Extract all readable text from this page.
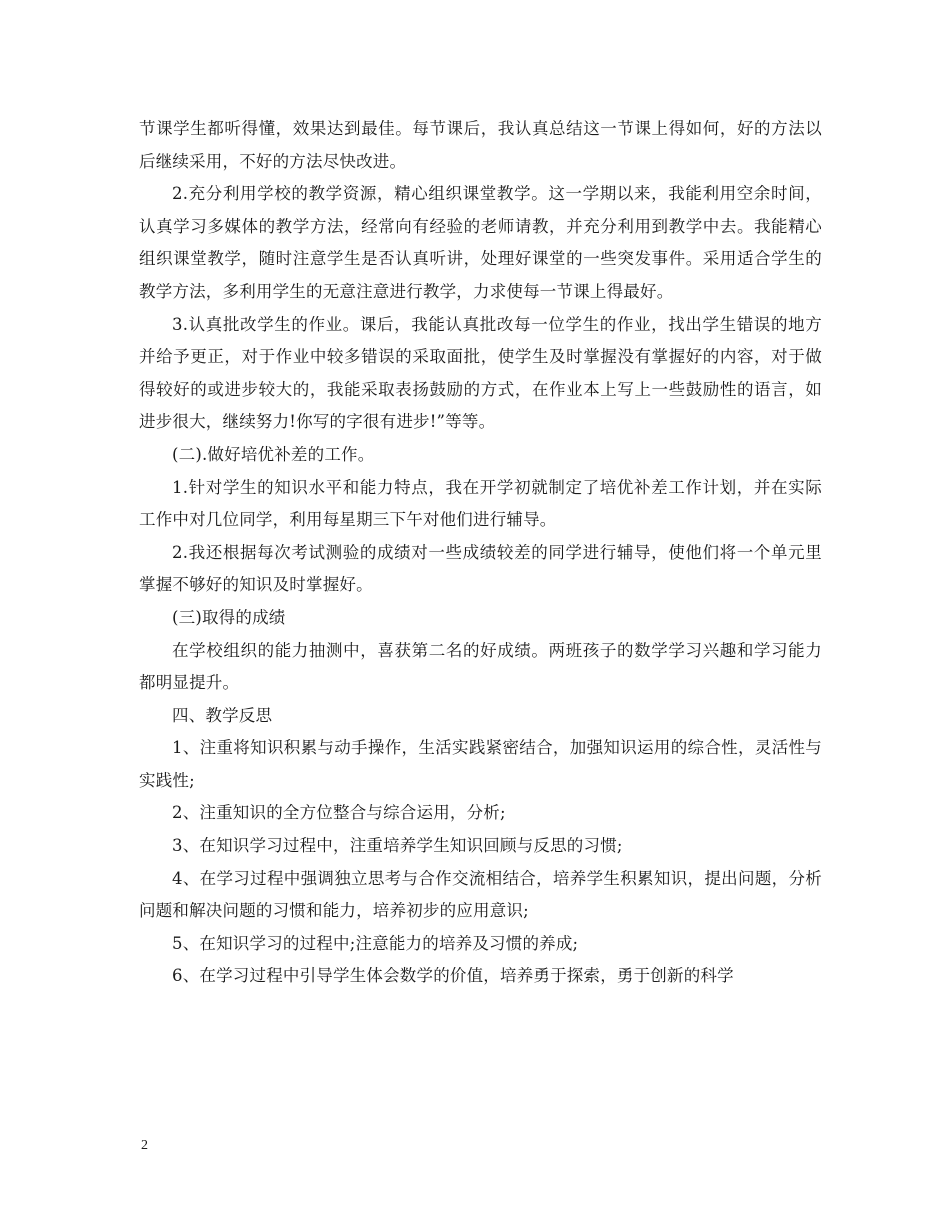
节课学生都听得懂，效果达到最佳。每节课后，我认真总结这一节课上得如何，好的方法以后继续采用，不好的方法尽快改进。

2.充分利用学校的教学资源，精心组织课堂教学。这一学期以来，我能利用空余时间，认真学习多媒体的教学方法，经常向有经验的老师请教，并充分利用到教学中去。我能精心组织课堂教学，随时注意学生是否认真听讲，处理好课堂的一些突发事件。采用适合学生的教学方法，多利用学生的无意注意进行教学，力求使每一节课上得最好。

3.认真批改学生的作业。课后，我能认真批改每一位学生的作业，找出学生错误的地方并给予更正，对于作业中较多错误的采取面批，使学生及时掌握没有掌握好的内容，对于做得较好的或进步较大的，我能采取表扬鼓励的方式，在作业本上写上一些鼓励性的语言，如进步很大，继续努力!你写的字很有进步!”等等。

(二).做好培优补差的工作。

1.针对学生的知识水平和能力特点，我在开学初就制定了培优补差工作计划，并在实际工作中对几位同学，利用每星期三下午对他们进行辅导。

2.我还根据每次考试测验的成绩对一些成绩较差的同学进行辅导，使他们将一个单元里掌握不够好的知识及时掌握好。

(三)取得的成绩

在学校组织的能力抽测中，喜获第二名的好成绩。两班孩子的数学学习兴趣和学习能力都明显提升。

四、教学反思

1、注重将知识积累与动手操作，生活实践紧密结合，加强知识运用的综合性，灵活性与实践性;

2、注重知识的全方位整合与综合运用，分析;

3、在知识学习过程中，注重培养学生知识回顾与反思的习惯;

4、在学习过程中强调独立思考与合作交流相结合，培养学生积累知识，提出问题，分析问题和解决问题的习惯和能力，培养初步的应用意识;

5、在知识学习的过程中;注意能力的培养及习惯的养成;

6、在学习过程中引导学生体会数学的价值，培养勇于探索，勇于创新的科学

2
